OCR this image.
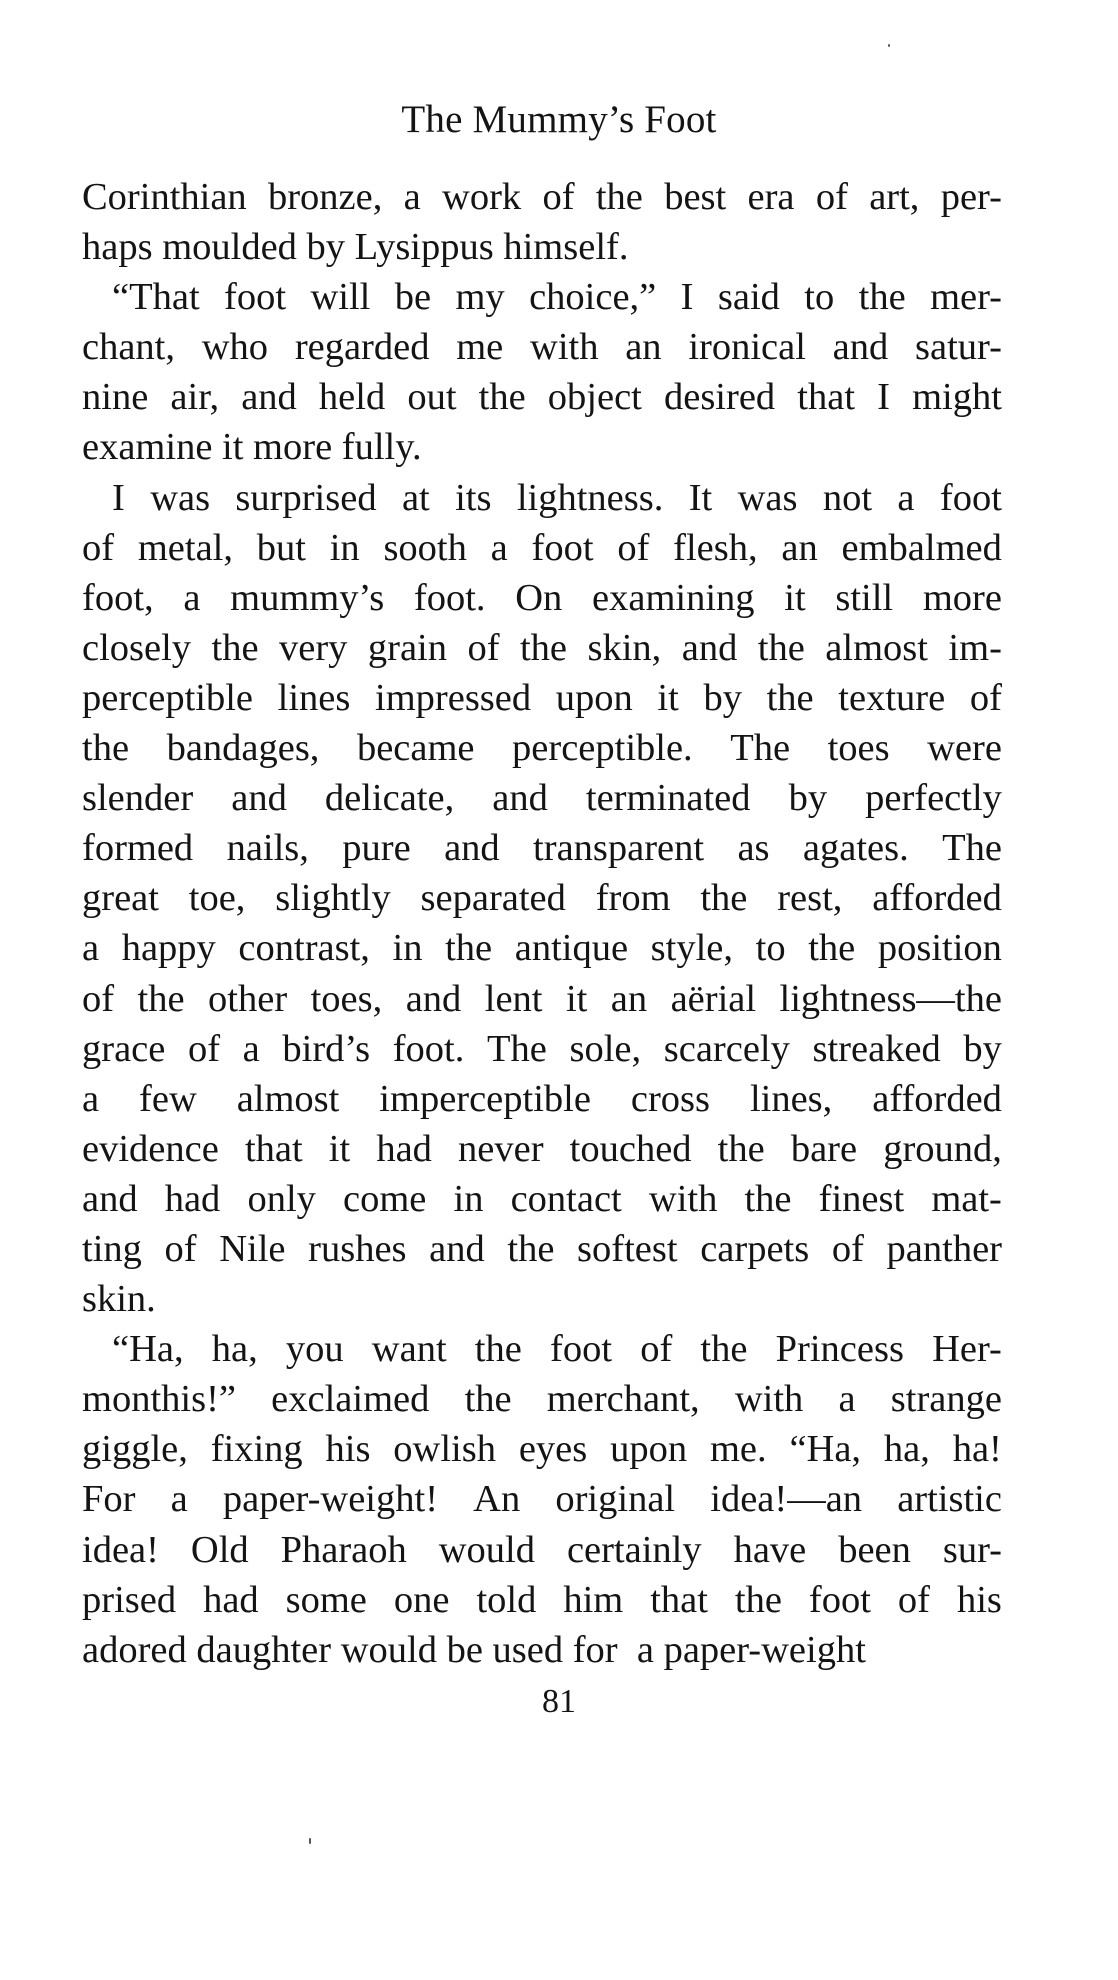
The Mummy’s Foot
Corinthian bronze, a work of the best era of art, per-
haps moulded by Lysippus himself.
“That foot will be my choice,” I said to the mer-
chant, who regarded me with an ironical and satur-
nine air, and held out the object desired that I might
examine it more fully.
I was surprised at its lightness. It was not a foot
of metal, but in sooth a foot of flesh, an embalmed
foot, a mummy’s foot. On examining it still more
closely the very grain of the skin, and the almost im-
perceptible lines impressed upon it by the texture of
the bandages, became perceptible. The toes were
slender and delicate, and terminated by perfectly
formed nails, pure and transparent as agates. The
great toe, slightly separated from the rest, afforded
a happy contrast, in the antique style, to the position
of the other toes, and lent it an aërial lightness—the
grace of a bird’s foot. The sole, scarcely streaked by
a few almost imperceptible cross lines, afforded
evidence that it had never touched the bare ground,
and had only come in contact with the finest mat-
ting of Nile rushes and the softest carpets of panther
skin.
“Ha, ha, you want the foot of the Princess Her-
monthis!” exclaimed the merchant, with a strange
giggle, fixing his owlish eyes upon me. “Ha, ha, ha!
For a paper-weight! An original idea!—an artistic
idea! Old Pharaoh would certainly have been sur-
prised had some one told him that the foot of his
adored daughter would be used for  a paper-weight
81
